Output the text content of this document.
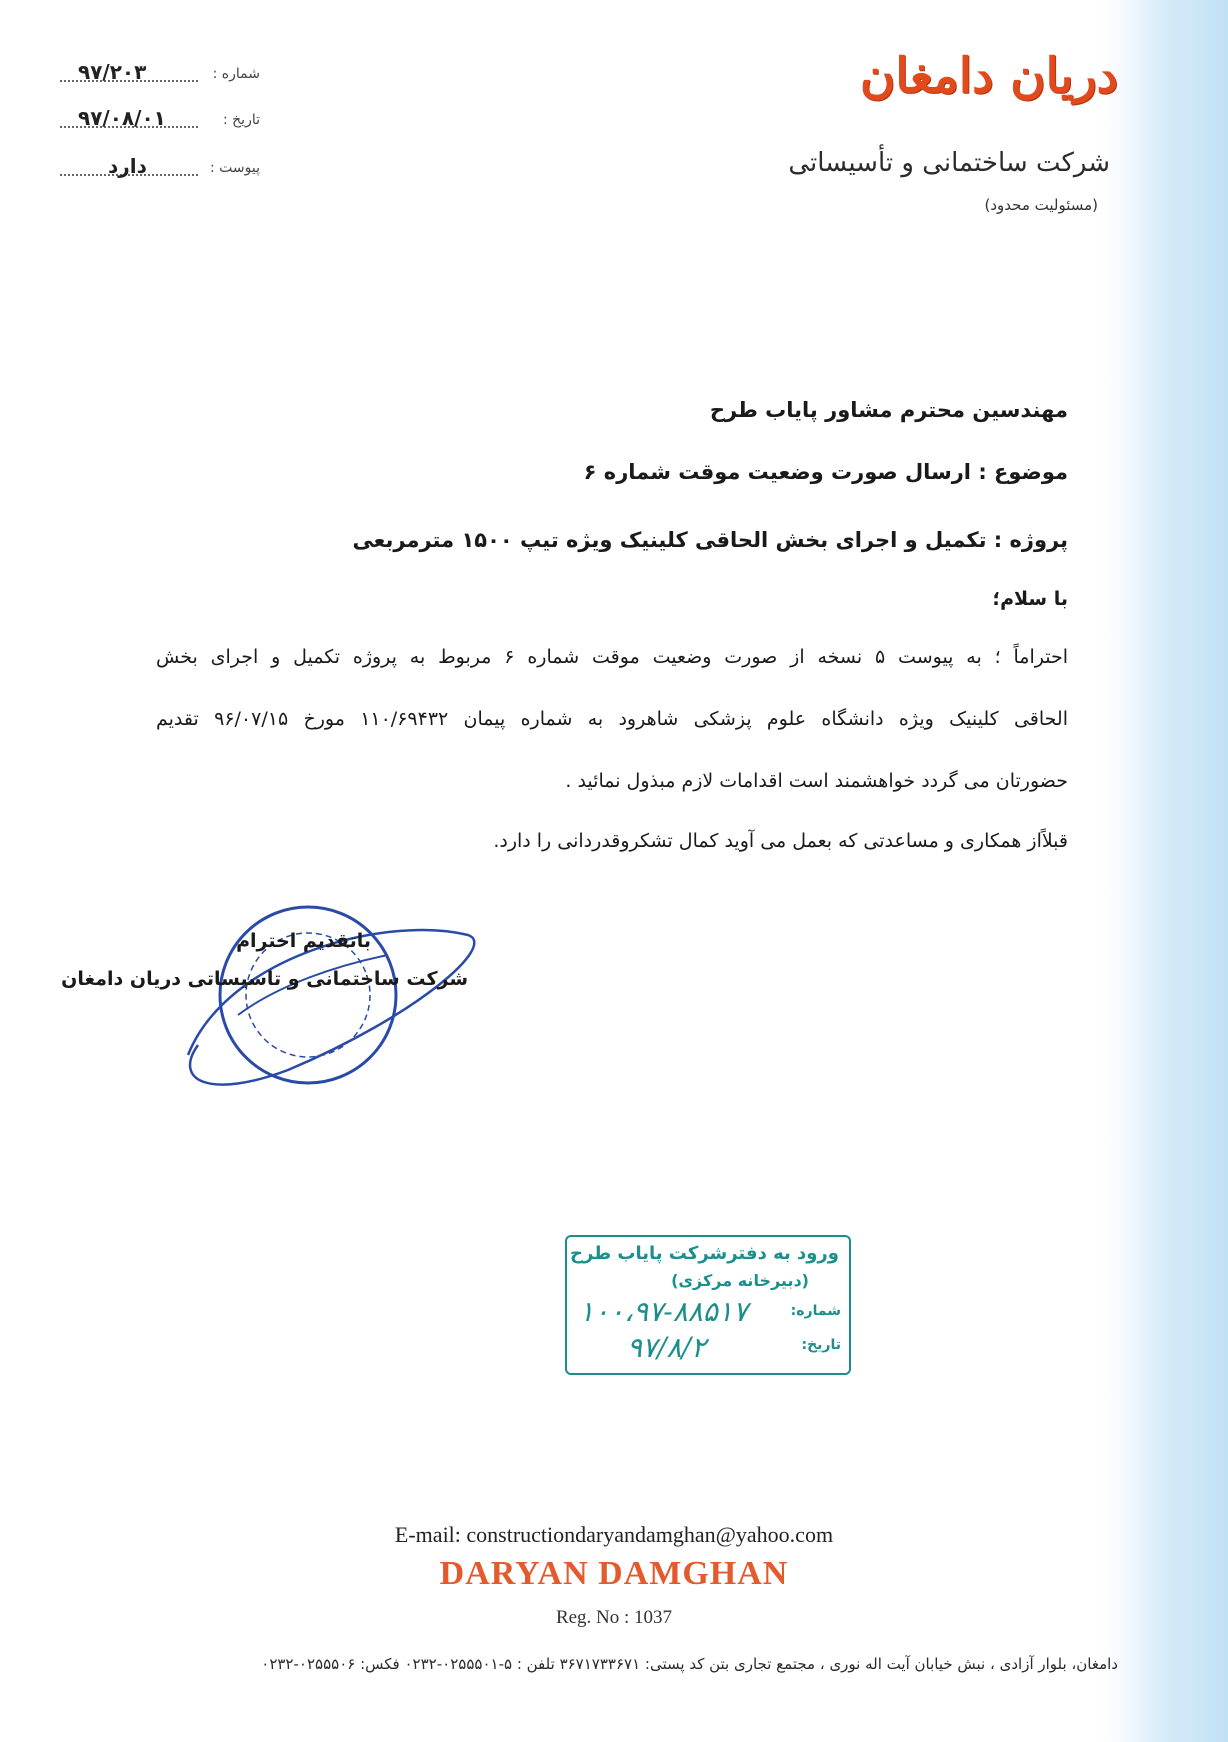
دریان دامغان
شرکت ساختمانی و تأسیساتی
(مسئولیت محدود)
شماره :
۹۷/۲۰۳
تاریخ :
۹۷/۰۸/۰۱
پیوست :
دارد
مهندسین محترم مشاور پایاب طرح
موضوع : ارسال صورت وضعیت موقت شماره ۶
پروژه : تکمیل و اجرای بخش الحاقی کلینیک ویژه تیپ ۱۵۰۰ مترمربعی
با سلام؛
احتراماً ؛ به پیوست ۵ نسخه از صورت وضعیت موقت شماره ۶ مربوط به پروژه تکمیل و اجرای بخش
الحاقی کلینیک ویژه دانشگاه علوم پزشکی شاهرود به شماره پیمان ۱۱۰/۶۹۴۳۲ مورخ ۹۶/۰۷/۱۵ تقدیم
حضورتان می گردد خواهشمند است اقدامات لازم مبذول نمائید .
قبلاًاز همکاری و مساعدتی که بعمل می آوید کمال تشکروقدردانی را دارد.
باتقدیم احترام
شرکت ساختمانی و تاسیساتی دریان دامغان
ورود به دفترشرکت پایاب طرح
(دبیرخانه مرکزی)
شماره:
۱۰۰،۹۷-۸۸۵۱۷
تاریخ:
۹۷/۸/۲
E-mail: constructiondaryandamghan@yahoo.com
DARYAN DAMGHAN
Reg. No : 1037
دامغان، بلوار آزادی ، نبش خیابان آیت اله نوری ، مجتمع تجاری بتن کد پستی: ۳۶۷۱۷۳۳۶۷۱ تلفن : ۵-۰۲۵۵۵۰۱-۰۲۳۲ فکس: ۰۲۵۵۵۰۶-۰۲۳۲
